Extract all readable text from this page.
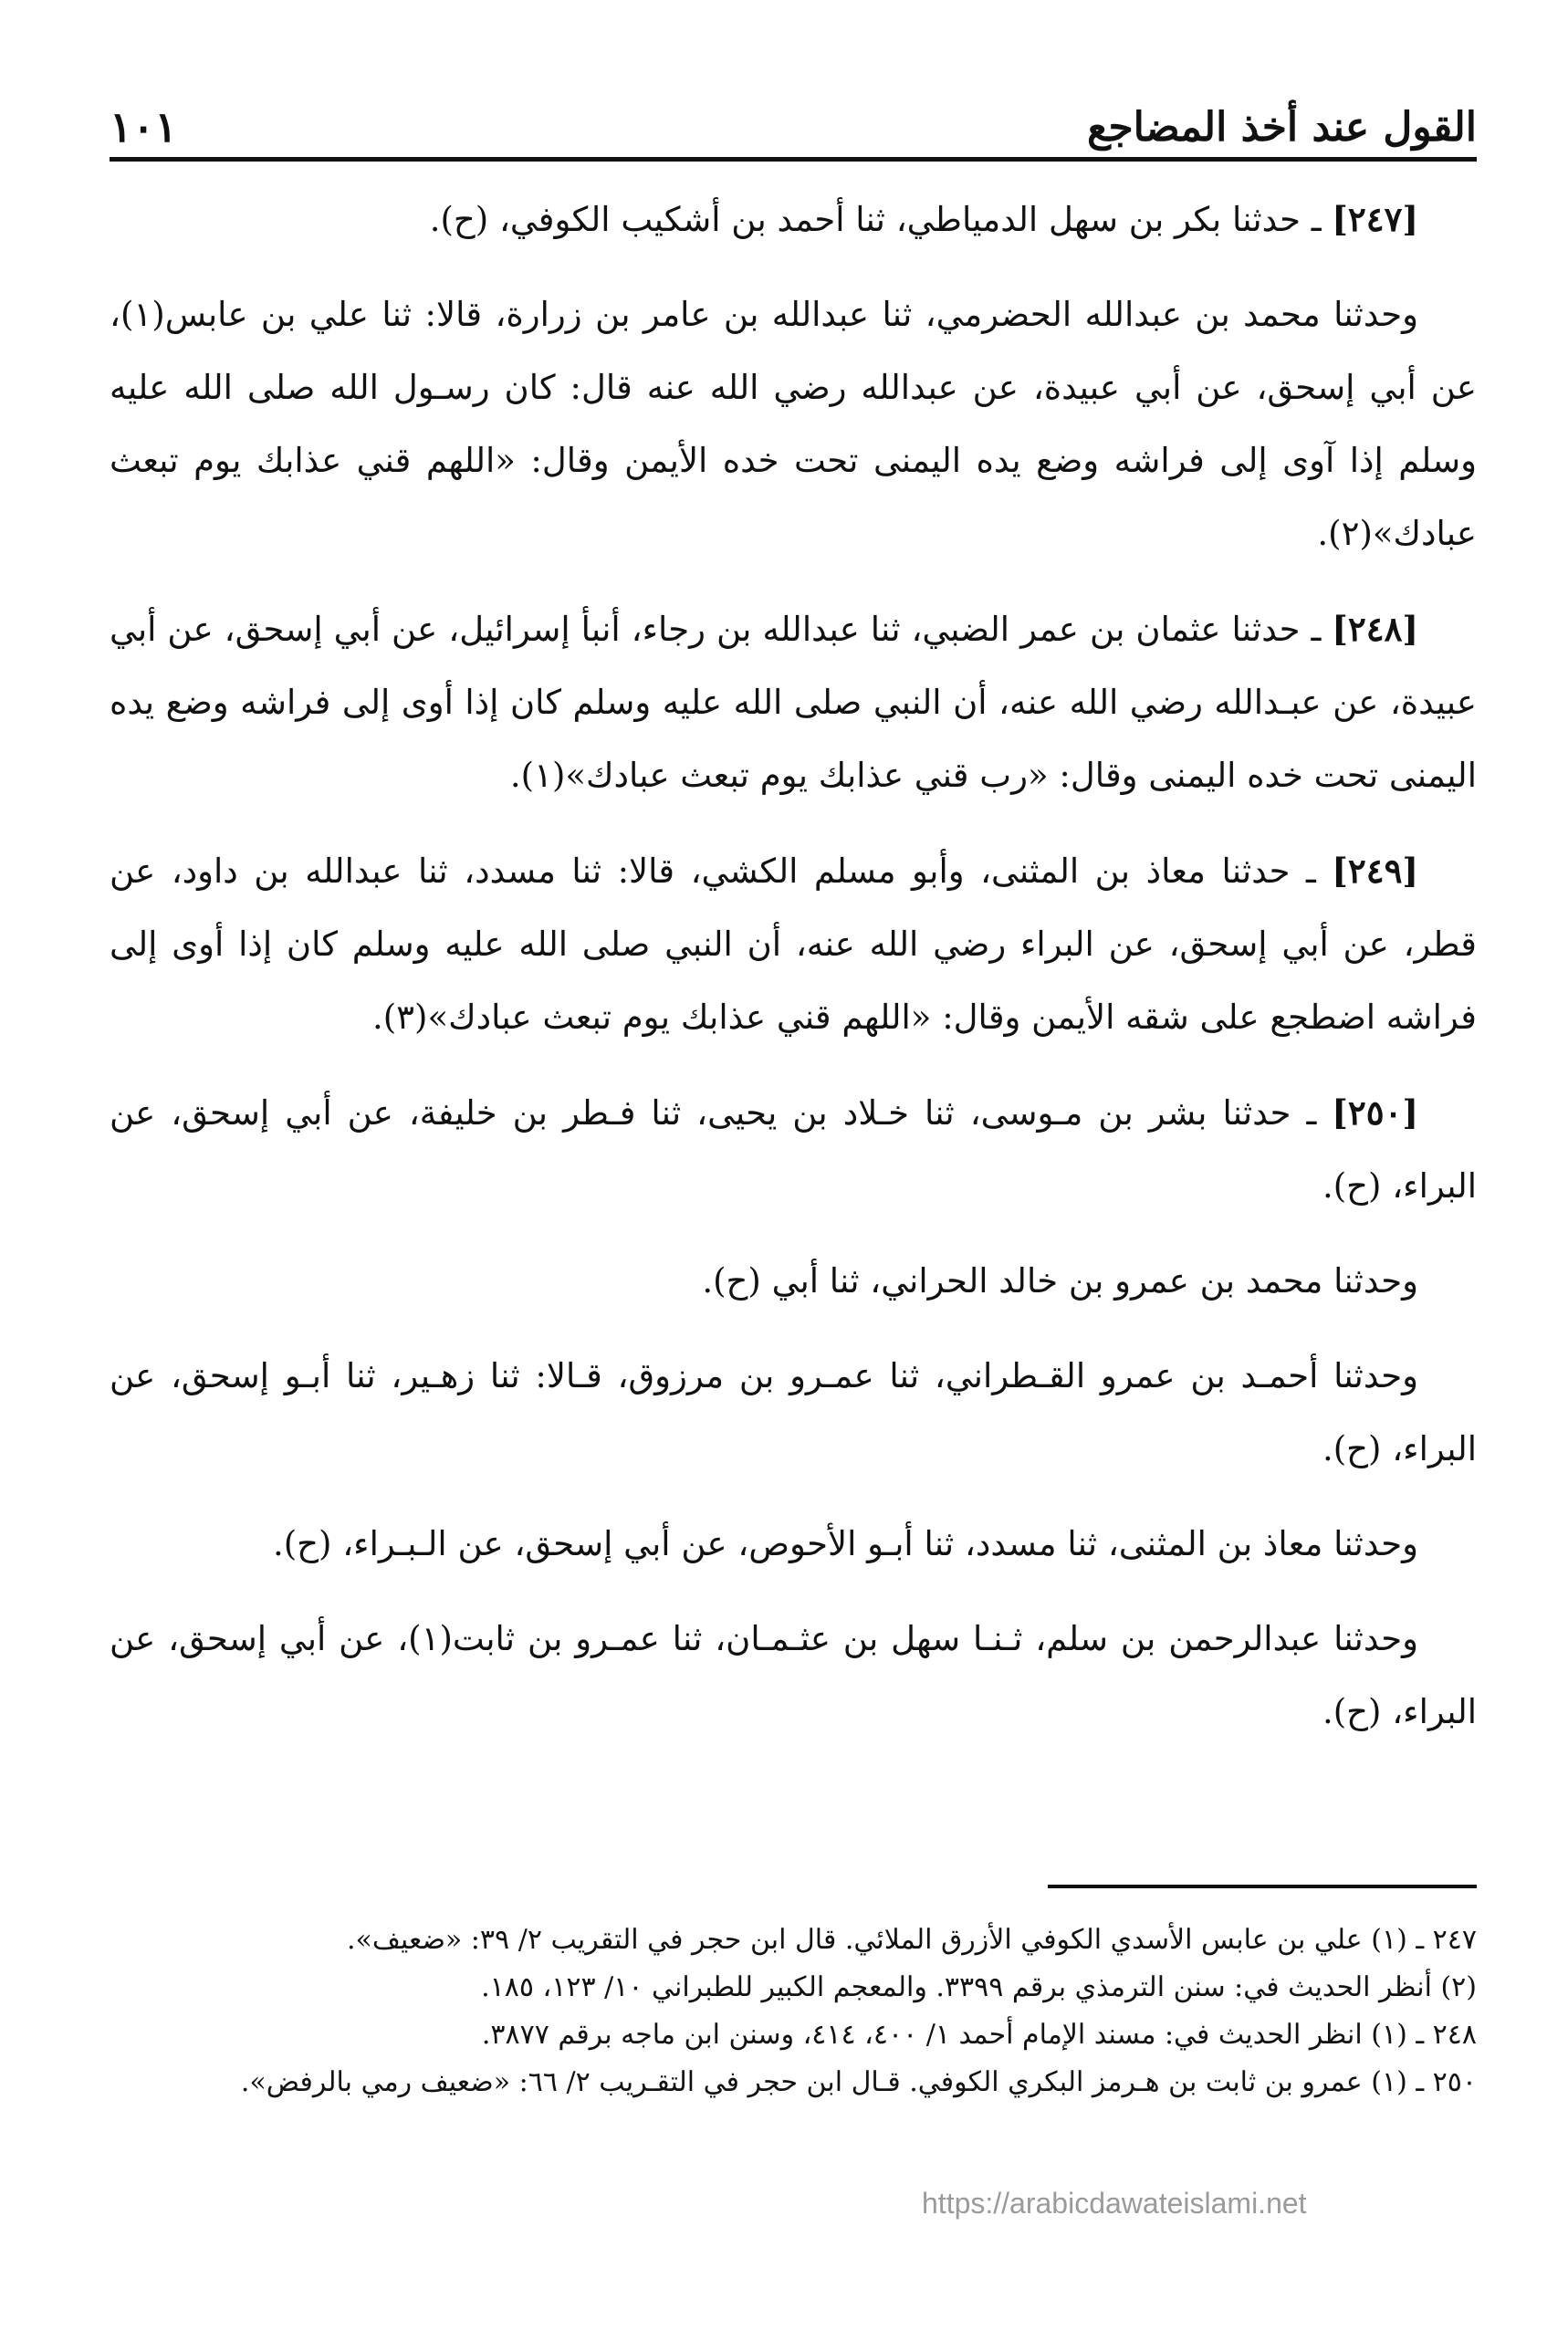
القول عند أخذ المضاجع
١٠١

[٢٤٧] ـ حدثنا بكر بن سهل الدمياطي، ثنا أحمد بن أشكيب الكوفي، (ح).

وحدثنا محمد بن عبدالله الحضرمي، ثنا عبدالله بن عامر بن زرارة، قالا: ثنا علي بن عابس(١)، عن أبي إسحق، عن أبي عبيدة، عن عبدالله رضي الله عنه قال: كان رسـول الله صلى الله عليه وسلم إذا آوى إلى فراشه وضع يده اليمنى تحت خده الأيمن وقال: «اللهم قني عذابك يوم تبعث عبادك»(٢).

[٢٤٨] ـ حدثنا عثمان بن عمر الضبي، ثنا عبدالله بن رجاء، أنبأ إسرائيل، عن أبي إسحق، عن أبي عبيدة، عن عبـدالله رضي الله عنه، أن النبي صلى الله عليه وسلم كان إذا أوى إلى فراشه وضع يده اليمنى تحت خده اليمنى وقال: «رب قني عذابك يوم تبعث عبادك»(١).

[٢٤٩] ـ حدثنا معاذ بن المثنى، وأبو مسلم الكشي، قالا: ثنا مسدد، ثنا عبدالله بن داود، عن قطر، عن أبي إسحق، عن البراء رضي الله عنه، أن النبي صلى الله عليه وسلم كان إذا أوى إلى فراشه اضطجع على شقه الأيمن وقال: «اللهم قني عذابك يوم تبعث عبادك»(٣).

[٢٥٠] ـ حدثنا بشر بن مـوسى، ثنا خـلاد بن يحيى، ثنا فـطر بن خليفة، عن أبي إسحق، عن البراء، (ح).

وحدثنا محمد بن عمرو بن خالد الحراني، ثنا أبي (ح).

وحدثنا أحمـد بن عمرو القـطراني، ثنا عمـرو بن مرزوق، قـالا: ثنا زهـير، ثنا أبـو إسحق، عن البراء، (ح).

وحدثنا معاذ بن المثنى، ثنا مسدد، ثنا أبـو الأحوص، عن أبي إسحق، عن الـبـراء، (ح).

وحدثنا عبدالرحمن بن سلم، ثـنـا سهل بن عثـمـان، ثنا عمـرو بن ثابت(١)، عن أبي إسحق، عن البراء، (ح).

٢٤٧ ـ (١) علي بن عابس الأسدي الكوفي الأزرق الملائي. قال ابن حجر في التقريب ٢/ ٣٩: «ضعيف».

(٢) أنظر الحديث في: سنن الترمذي برقم ٣٣٩٩. والمعجم الكبير للطبراني ١٠/ ١٢٣، ١٨٥.

٢٤٨ ـ (١) انظر الحديث في: مسند الإمام أحمد ١/ ٤٠٠، ٤١٤، وسنن ابن ماجه برقم ٣٨٧٧.

٢٥٠ ـ (١) عمرو بن ثابت بن هـرمز البكري الكوفي. قـال ابن حجر في التقـريب ٢/ ٦٦: «ضعيف رمي بالرفض».

https://arabicdawateislami.net
